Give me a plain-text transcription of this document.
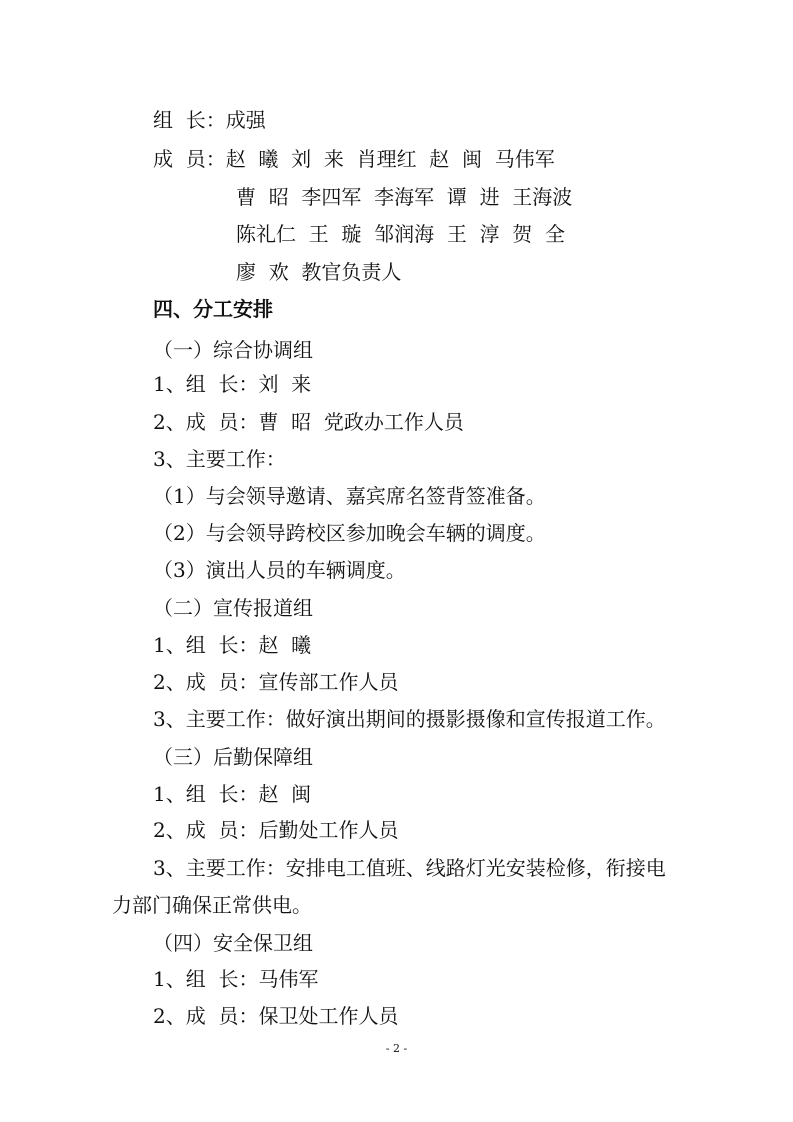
组  长：成强

成  员：赵  曦  刘  来  肖理红  赵  闽  马伟军

曹  昭  李四军  李海军  谭  进  王海波

陈礼仁  王  璇  邹润海  王  淳  贺  全

廖  欢  教官负责人

四、分工安排

（一）综合协调组

1、组  长：刘  来

2、成  员：曹  昭  党政办工作人员

3、主要工作：

（1）与会领导邀请、嘉宾席名签背签准备。

（2）与会领导跨校区参加晚会车辆的调度。

（3）演出人员的车辆调度。

（二）宣传报道组

1、组  长：赵  曦

2、成  员：宣传部工作人员

3、主要工作：做好演出期间的摄影摄像和宣传报道工作。

（三）后勤保障组

1、组  长：赵  闽

2、成  员：后勤处工作人员

3、主要工作：安排电工值班、线路灯光安装检修，衔接电

力部门确保正常供电。

（四）安全保卫组

1、组  长：马伟军

2、成  员：保卫处工作人员

- 2 -
